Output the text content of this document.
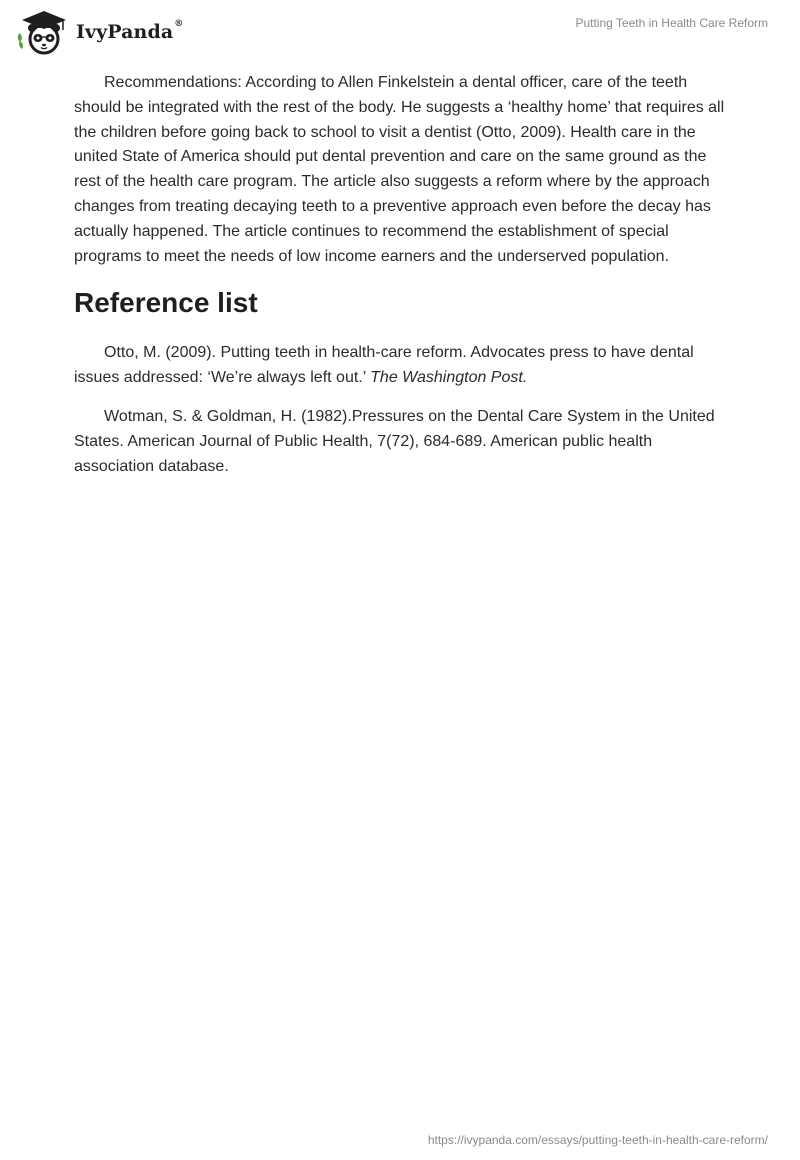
IvyPanda®	Putting Teeth in Health Care Reform

Recommendations: According to Allen Finkelstein a dental officer, care of the teeth should be integrated with the rest of the body. He suggests a ‘healthy home’ that requires all the children before going back to school to visit a dentist (Otto, 2009). Health care in the united State of America should put dental prevention and care on the same ground as the rest of the health care program. The article also suggests a reform where by the approach changes from treating decaying teeth to a preventive approach even before the decay has actually happened. The article continues to recommend the establishment of special programs to meet the needs of low income earners and the underserved population.

Reference list

Otto, M. (2009). Putting teeth in health-care reform. Advocates press to have dental issues addressed: ‘We’re always left out.’ The Washington Post.

Wotman, S. & Goldman, H. (1982).Pressures on the Dental Care System in the United States. American Journal of Public Health, 7(72), 684-689. American public health association database.

https://ivypanda.com/essays/putting-teeth-in-health-care-reform/
